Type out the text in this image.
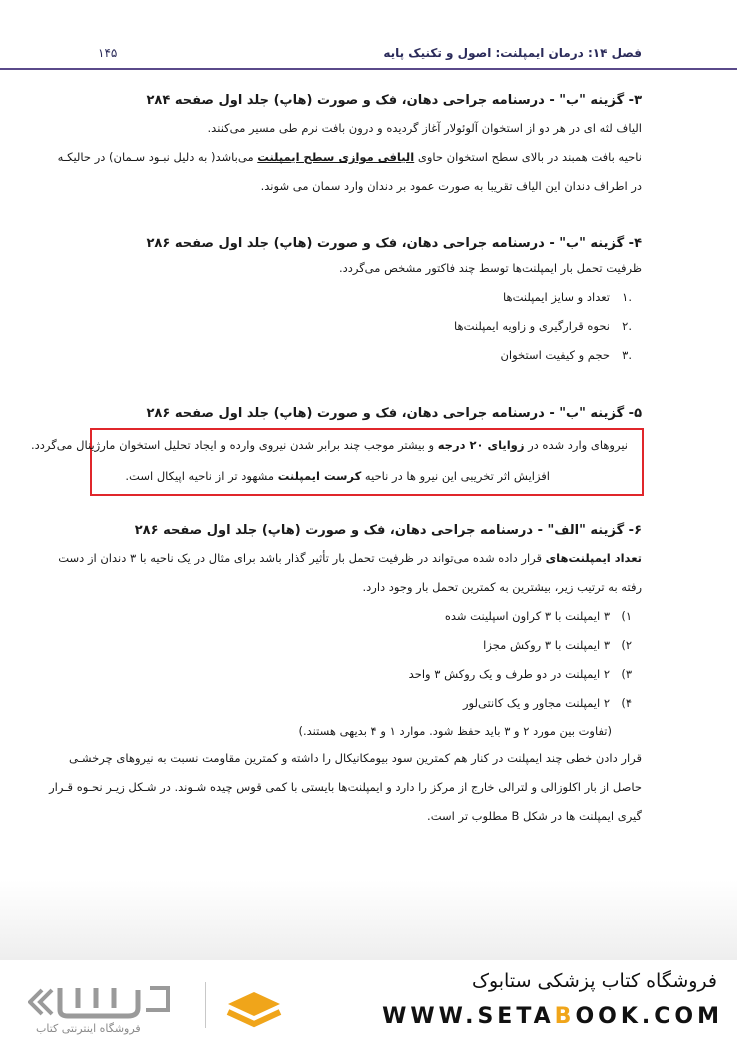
فصل ۱۴: درمان ایمپلنت: اصول و تکنیک پایه
۱۴۵
۳- گزینه "ب" - درسنامه جراحی دهان، فک و صورت (هاپ) جلد اول صفحه ۲۸۴
الیاف لثه ای در هر دو از استخوان آلوئولار آغاز گردیده و درون بافت نرم طی مسیر می‌کنند.
ناحیه بافت همبند در بالای سطح استخوان حاوی الیافی موازی سطح ایمپلنت می‌باشد( به دلیل نبـود سـمان) در حالیکـه
در اطراف دندان این الیاف تقریبا به صورت عمود بر دندان وارد سمان می شوند.
۴- گزینه "ب" - درسنامه جراحی دهان، فک و صورت (هاپ) جلد اول صفحه ۲۸۶
ظرفیت تحمل بار ایمپلنت‌ها توسط چند فاکتور مشخص می‌گردد.
.۱تعداد و سایز ایمپلنت‌ها
.۲نحوه قرارگیری و زاویه ایمپلنت‌ها
.۳حجم و کیفیت استخوان
۵- گزینه "ب" - درسنامه جراحی دهان، فک و صورت (هاپ) جلد اول صفحه ۲۸۶
نیروهای وارد شده در زوایای ۲۰ درجه و بیشتر موجب چند برابر شدن نیروی وارده و ایجاد تحلیل استخوان مارژینال می‌گردد.
افزایش اثر تخریبی این نیرو ها در ناحیه کرست ایمپلنت مشهود تر از ناحیه اپیکال است.
۶- گزینه "الف" - درسنامه جراحی دهان، فک و صورت (هاپ) جلد اول صفحه ۲۸۶
تعداد ایمپلنت‌های قرار داده شده می‌تواند در ظرفیت تحمل بار تأثیر گذار باشد برای مثال در یک ناحیه با ۳ دندان از دست
رفته به ترتیب زیر، بیشترین به کمترین تحمل بار وجود دارد.
۱)۳ ایمپلنت با ۳ کراون اسپلینت شده
۲)۳ ایمپلنت با ۳ روکش مجزا
۳)۲ ایمپلنت در دو طرف و یک روکش ۳ واحد
۴)۲ ایمپلنت مجاور و یک کانتی‌لور
(تفاوت بین مورد ۲ و ۳ باید حفظ شود. موارد ۱ و ۴ بدیهی هستند.)
قرار دادن خطی چند ایمپلنت در کنار هم کمترین سود بیومکانیکال را داشته و کمترین مقاومت نسبت به نیروهای چرخشـی
حاصل از بار اکلوزالی و لترالی خارج از مرکز را دارد و ایمپلنت‌ها بایستی با کمی قوس چیده شـوند. در شـکل زیـر نحـوه قـرار
گیری ایمپلنت ها در شکل B مطلوب تر است.
فروشگاه اینترنتی کتاب
فروشگاه کتاب پزشکی ستابوک
WWW.SETABOOK.COM
